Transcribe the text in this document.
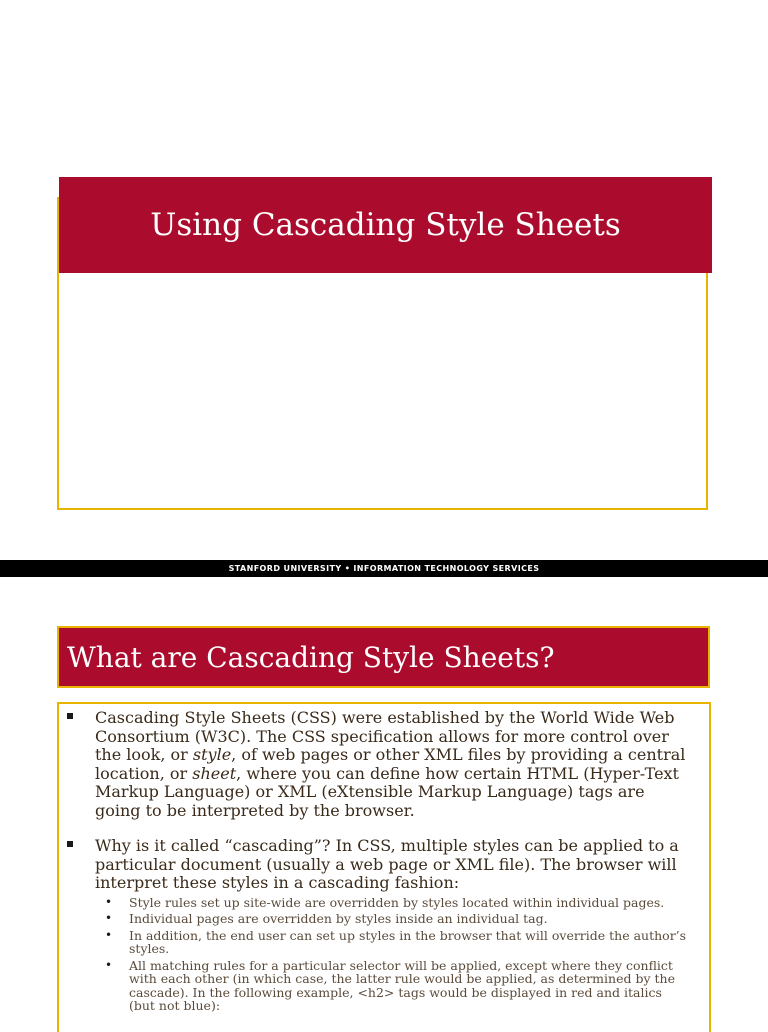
Using Cascading Style Sheets
STANFORD UNIVERSITY • INFORMATION TECHNOLOGY SERVICES
What are Cascading Style Sheets?
Cascading Style Sheets (CSS) were established by the World Wide Web Consortium (W3C). The CSS specification allows for more control over the look, or style, of web pages or other XML files by providing a central location, or sheet, where you can define how certain HTML (Hyper-Text Markup Language) or XML (eXtensible Markup Language) tags are going to be interpreted by the browser.
Why is it called “cascading”? In CSS, multiple styles can be applied to a particular document (usually a web page or XML file). The browser will interpret these styles in a cascading fashion:
• Style rules set up site-wide are overridden by styles located within individual pages.
• Individual pages are overridden by styles inside an individual tag.
• In addition, the end user can set up styles in the browser that will override the author’s styles.
• All matching rules for a particular selector will be applied, except where they conflict with each other (in which case, the latter rule would be applied, as determined by the cascade). In the following example, <h2> tags would be displayed in red and italics (but not blue):
